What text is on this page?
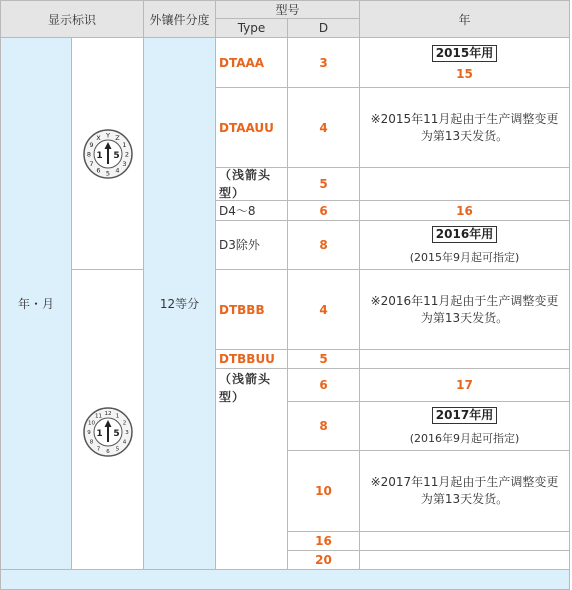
显示标识	外镶件分度
型号
年
Type	D
年・月
Y Z
1
2
3
4
5
6
7
8
9
X
1 5
12 1
2
3
4
5
6
7
8
9
10
11
1 5
12等分
DTAAA
DTAAUU
（浅箭头型）
D4～8
D3除外
DTBBB
DTBBUU
（浅箭头型）
3
4
5
6
8
4
5
6
8
10
16
20
2015年用
15
※2015年11月起由于生产调整变更为第13天发货。
16
2016年用
(2015年9月起可指定)
※2016年11月起由于生产调整变更为第13天发货。
17
2017年用
(2016年9月起可指定)
※2017年11月起由于生产调整变更为第13天发货。
